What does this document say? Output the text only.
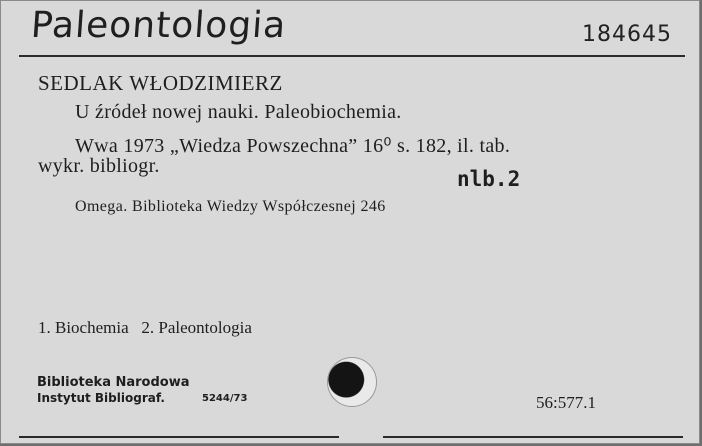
Paleontologia	184645
SEDLAK WŁODZIMIERZ
U źródeł nowej nauki. Paleobiochemia.
Wwa 1973 „Wiedza Powszechna” 16⁰ s. 182, il. tab.
wykr. bibliogr.
nlb.2
Omega. Biblioteka Wiedzy Współczesnej 246
1. Biochemia   2. Paleontologia
Biblioteka Narodowa
Instytut Bibliograf.	5244/73	56:577.1
